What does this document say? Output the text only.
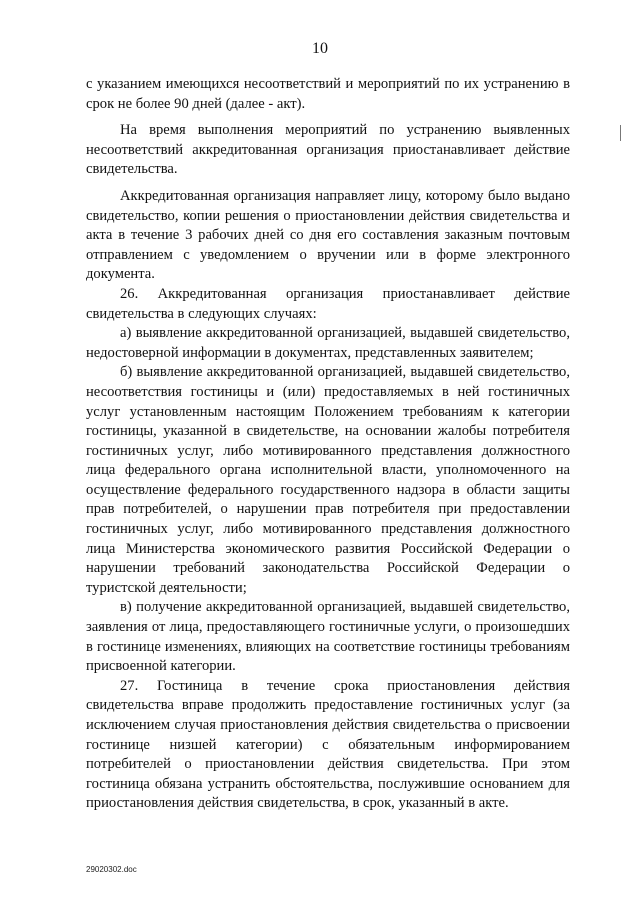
10

с указанием имеющихся несоответствий и мероприятий по их устранению в срок не более 90 дней (далее - акт).

На время выполнения мероприятий по устранению выявленных несоответствий аккредитованная организация приостанавливает действие свидетельства.

Аккредитованная организация направляет лицу, которому было выдано свидетельство, копии решения о приостановлении действия свидетельства и акта в течение 3 рабочих дней со дня его составления заказным почтовым отправлением с уведомлением о вручении или в форме электронного документа.

26. Аккредитованная организация приостанавливает действие свидетельства в следующих случаях:

а) выявление аккредитованной организацией, выдавшей свидетельство, недостоверной информации в документах, представленных заявителем;

б) выявление аккредитованной организацией, выдавшей свидетельство, несоответствия гостиницы и (или) предоставляемых в ней гостиничных услуг установленным настоящим Положением требованиям к категории гостиницы, указанной в свидетельстве, на основании жалобы потребителя гостиничных услуг, либо мотивированного представления должностного лица федерального органа исполнительной власти, уполномоченного на осуществление федерального государственного надзора в области защиты прав потребителей, о нарушении прав потребителя при предоставлении гостиничных услуг, либо мотивированного представления должностного лица Министерства экономического развития Российской Федерации о нарушении требований законодательства Российской Федерации о туристской деятельности;

в) получение аккредитованной организацией, выдавшей свидетельство, заявления от лица, предоставляющего гостиничные услуги, о произошедших в гостинице изменениях, влияющих на соответствие гостиницы требованиям присвоенной категории.

27. Гостиница в течение срока приостановления действия свидетельства вправе продолжить предоставление гостиничных услуг (за исключением случая приостановления действия свидетельства о присвоении гостинице низшей категории) с обязательным информированием потребителей о приостановлении действия свидетельства. При этом гостиница обязана устранить обстоятельства, послужившие основанием для приостановления действия свидетельства, в срок, указанный в акте.

29020302.doc
